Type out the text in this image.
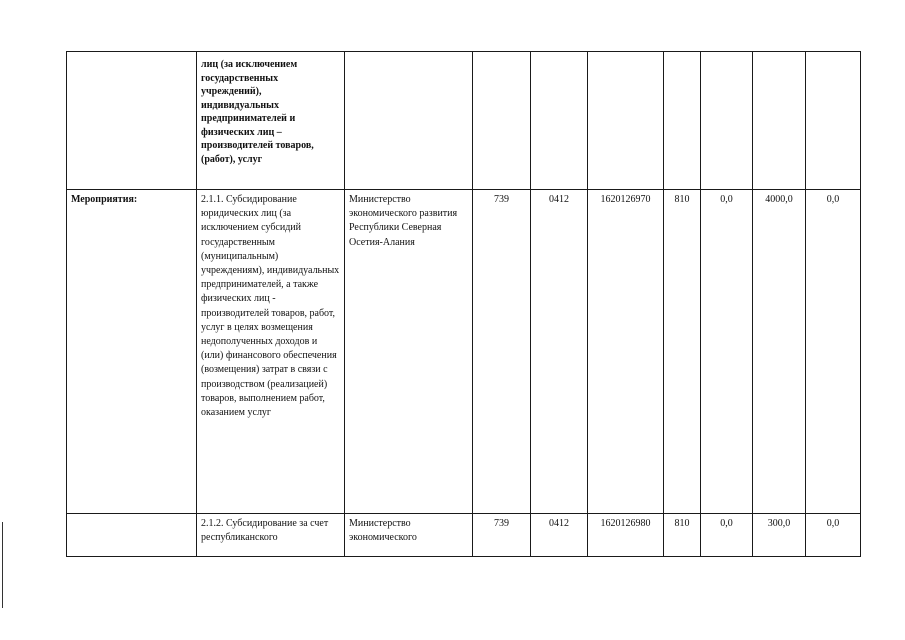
	лиц (за исключением государственных учреждений), индивидуальных предпринимателей и физических лиц – производителей товаров, (работ), услуг								
Мероприятия:	2.1.1. Субсидирование юридических лиц (за исключением субсидий государственным (муниципальным) учреждениям), индивидуальных предпринимателей, а также физических лиц - производителей товаров, работ, услуг в целях возмещения недополученных доходов и (или) финансового обеспечения (возмещения) затрат в связи с производством (реализацией) товаров, выполнением работ, оказанием услуг	Министерство экономического развития Республики Северная Осетия-Алания	739	0412	1620126970	810	0,0	4000,0	0,0
	2.1.2. Субсидирование за счет республиканского	Министерство экономического	739	0412	1620126980	810	0,0	300,0	0,0
